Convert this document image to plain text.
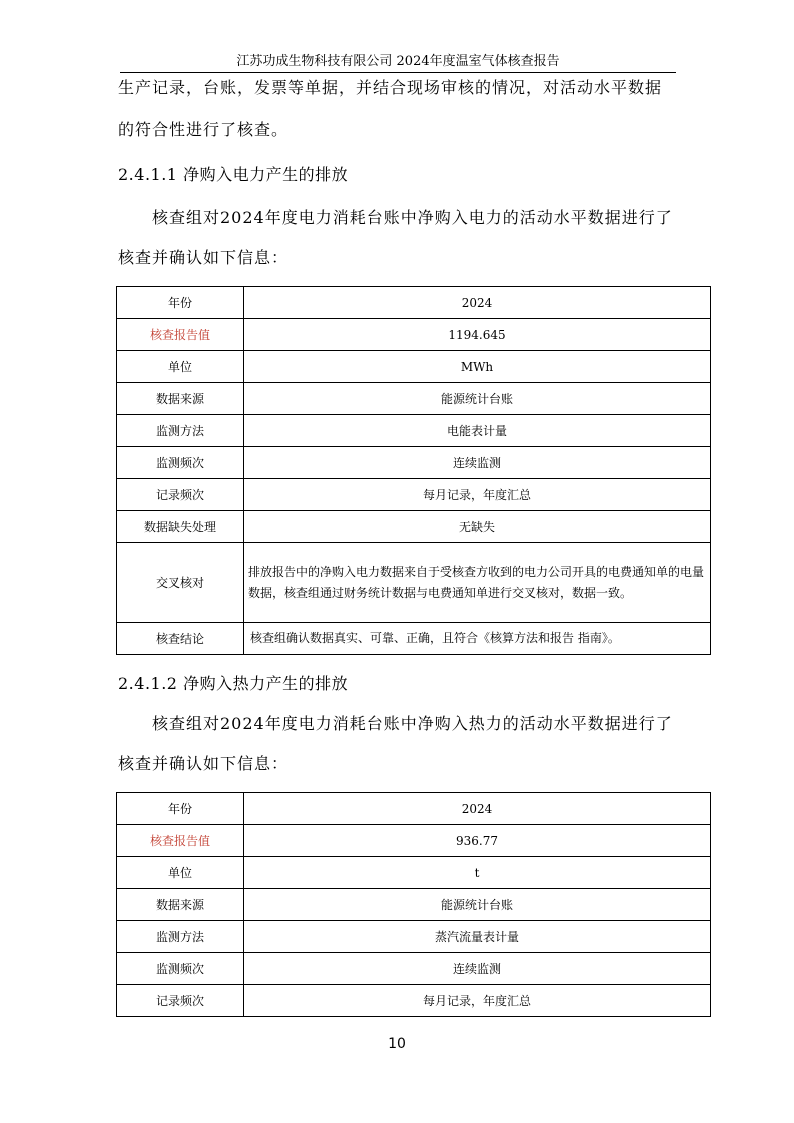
江苏功成生物科技有限公司 2024年度温室气体核查报告
生产记录，台账，发票等单据，并结合现场审核的情况，对活动水平数据
的符合性进行了核查。
2.4.1.1 净购入电力产生的排放
核查组对2024年度电力消耗台账中净购入电力的活动水平数据进行了
核查并确认如下信息：
年份	2024
核查报告值	1194.645
单位	MWh
数据来源	能源统计台账
监测方法	电能表计量
监测频次	连续监测
记录频次	每月记录，年度汇总
数据缺失处理	无缺失
交叉核对	排放报告中的净购入电力数据来自于受核查方收到的电力公司开具的电费通知单的电量数据，核查组通过财务统计数据与电费通知单进行交叉核对，数据一致。
核查结论	核查组确认数据真实、可靠、正确，且符合《核算方法和报告 指南》。
2.4.1.2 净购入热力产生的排放
核查组对2024年度电力消耗台账中净购入热力的活动水平数据进行了
核查并确认如下信息：
年份	2024
核查报告值	936.77
单位	t
数据来源	能源统计台账
监测方法	蒸汽流量表计量
监测频次	连续监测
记录频次	每月记录，年度汇总
10
